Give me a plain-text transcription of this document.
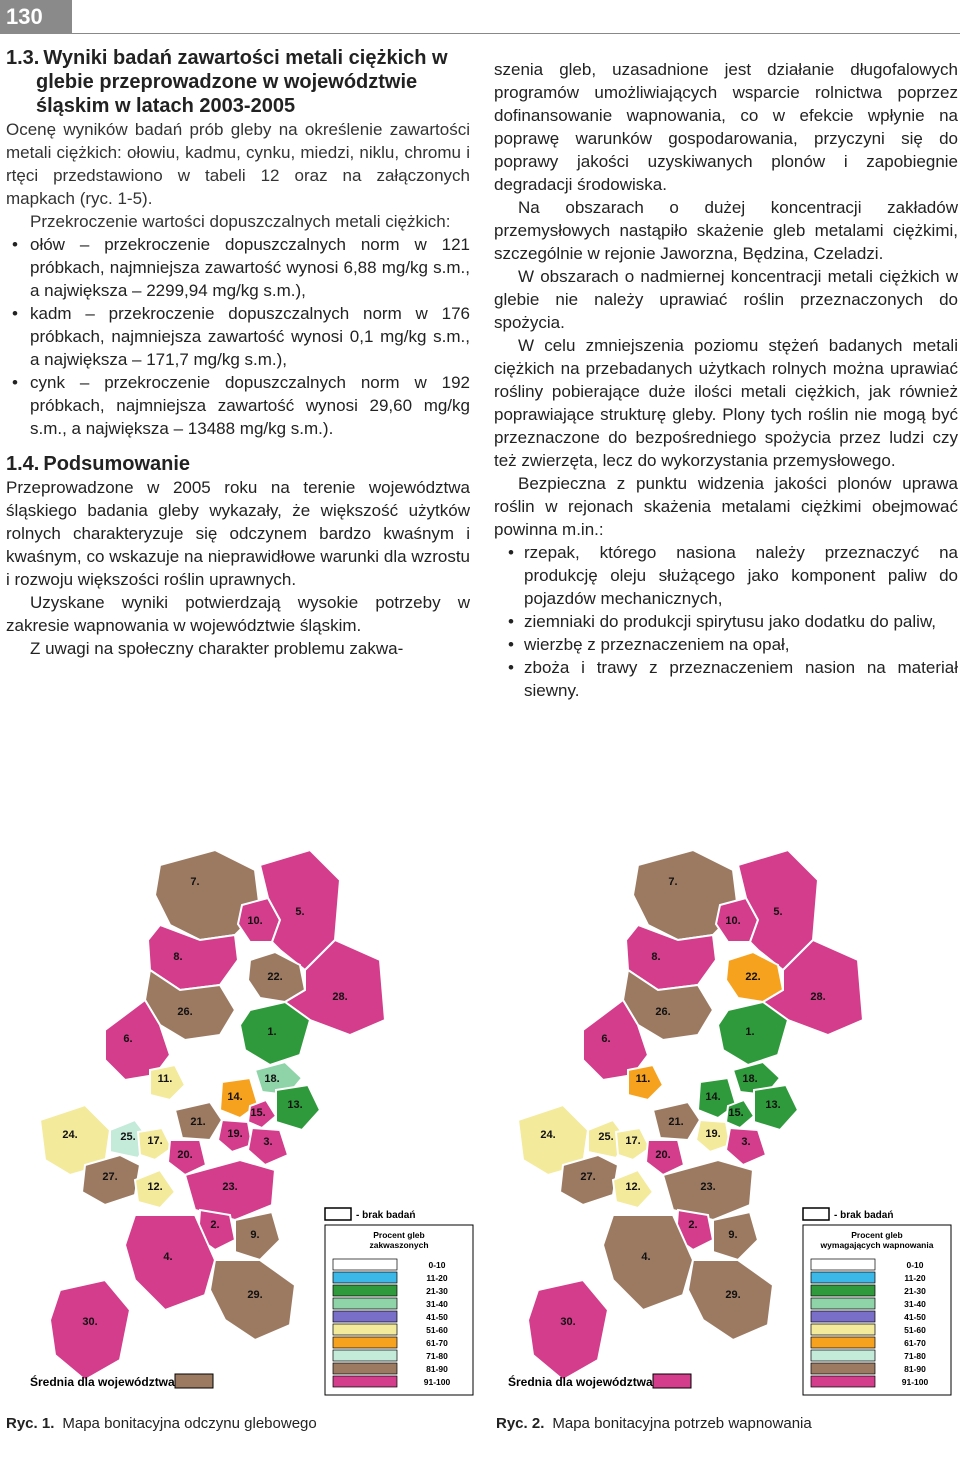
130
1.3. Wyniki badań zawartości metali ciężkich w glebie przeprowadzone w województwie śląskim w latach 2003-2005

Ocenę wyników badań prób gleby na określenie zawartości metali ciężkich: ołowiu, kadmu, cynku, miedzi, niklu, chromu i rtęci przedstawiono w tabeli 12 oraz na załączonych mapkach (ryc. 1-5).

Przekroczenie wartości dopuszczalnych metali ciężkich:

• ołów – przekroczenie dopuszczalnych norm w 121 próbkach, najmniejsza zawartość wynosi 6,88 mg/kg s.m., a największa – 2299,94 mg/kg s.m.),
• kadm – przekroczenie dopuszczalnych norm w 176 próbkach, najmniejsza zawartość wynosi 0,1 mg/kg s.m., a największa – 171,7 mg/kg s.m.),
• cynk – przekroczenie dopuszczalnych norm w 192 próbkach, najmniejsza zawartość wynosi 29,60 mg/kg s.m., a największa – 13488 mg/kg s.m.).
1.4. Podsumowanie

Przeprowadzone w 2005 roku na terenie województwa śląskiego badania gleby wykazały, że większość użytków rolnych charakteryzuje się odczynem bardzo kwaśnym i kwaśnym, co wskazuje na nieprawidłowe warunki dla wzrostu i rozwoju większości roślin uprawnych.

Uzyskane wyniki potwierdzają wysokie potrzeby w zakresie wapnowania w województwie śląskim.

Z uwagi na społeczny charakter problemu zakwa-

szenia gleb, uzasadnione jest działanie długofalowych programów umożliwiających wsparcie rolnictwa poprzez dofinansowanie wapnowania, co w efekcie wpłynie na poprawę warunków gospodarowania, przyczyni się do poprawy jakości uzyskiwanych plonów i zapobiegnie degradacji środowiska.

Na obszarach o dużej koncentracji zakładów przemysłowych nastąpiło skażenie gleb metalami ciężkimi, szczególnie w rejonie Jaworzna, Będzina, Czeladzi.

W obszarach o nadmiernej koncentracji metali ciężkich w glebie nie należy uprawiać roślin przeznaczonych do spożycia.

W celu zmniejszenia poziomu stężeń badanych metali ciężkich na przebadanych użytkach rolnych można uprawiać rośliny pobierające duże ilości metali ciężkich, jak również poprawiające strukturę gleby. Plony tych roślin nie mogą być przeznaczone do bezpośredniego spożycia przez ludzi czy też zwierzęta, lecz do wykorzystania przemysłowego.

Bezpieczna z punktu widzenia jakości plonów uprawa roślin w rejonach skażenia metalami ciężkimi obejmować powinna m.in.:

• rzepak, którego nasiona należy przeznaczyć na produkcję oleju służącego jako komponent paliw do pojazdów mechanicznych,
• ziemniaki do produkcji spirytusu jako dodatku do paliw,
• wierzbę z przeznaczeniem na opał,
• zboża i trawy z przeznaczeniem nasion na materiał siewny.
7.
10.
5.
8.
22.
28.
26.
1.
6.
18.
11.
14.
15.
13.
24.	25. 17.
21.
19.
3.
20.
27.
23.
12.
2.
9.
4.
29.
30.
- brak badań
Procent gleb
zakwaszonych
0-10
11-20
21-30
31-40
41-50
51-60
61-70
71-80
81-90
91-100
Średnia dla województwa
7.
10.
5.
8.
22.
28.
26.
1.
6.
18.
11.
14.
15.
13.
24.	25. 17.
21.
19.
3.
20.
27.
23.
12.
2.
9.
4.
29.
30.
- brak badań
Procent gleb
wymagających wapnowania
0-10
11-20
21-30
31-40
41-50
51-60
61-70
71-80
81-90
91-100
Średnia dla województwa
Ryc. 1. Mapa bonitacyjna odczynu glebowego	Ryc. 2. Mapa bonitacyjna potrzeb wapnowania
